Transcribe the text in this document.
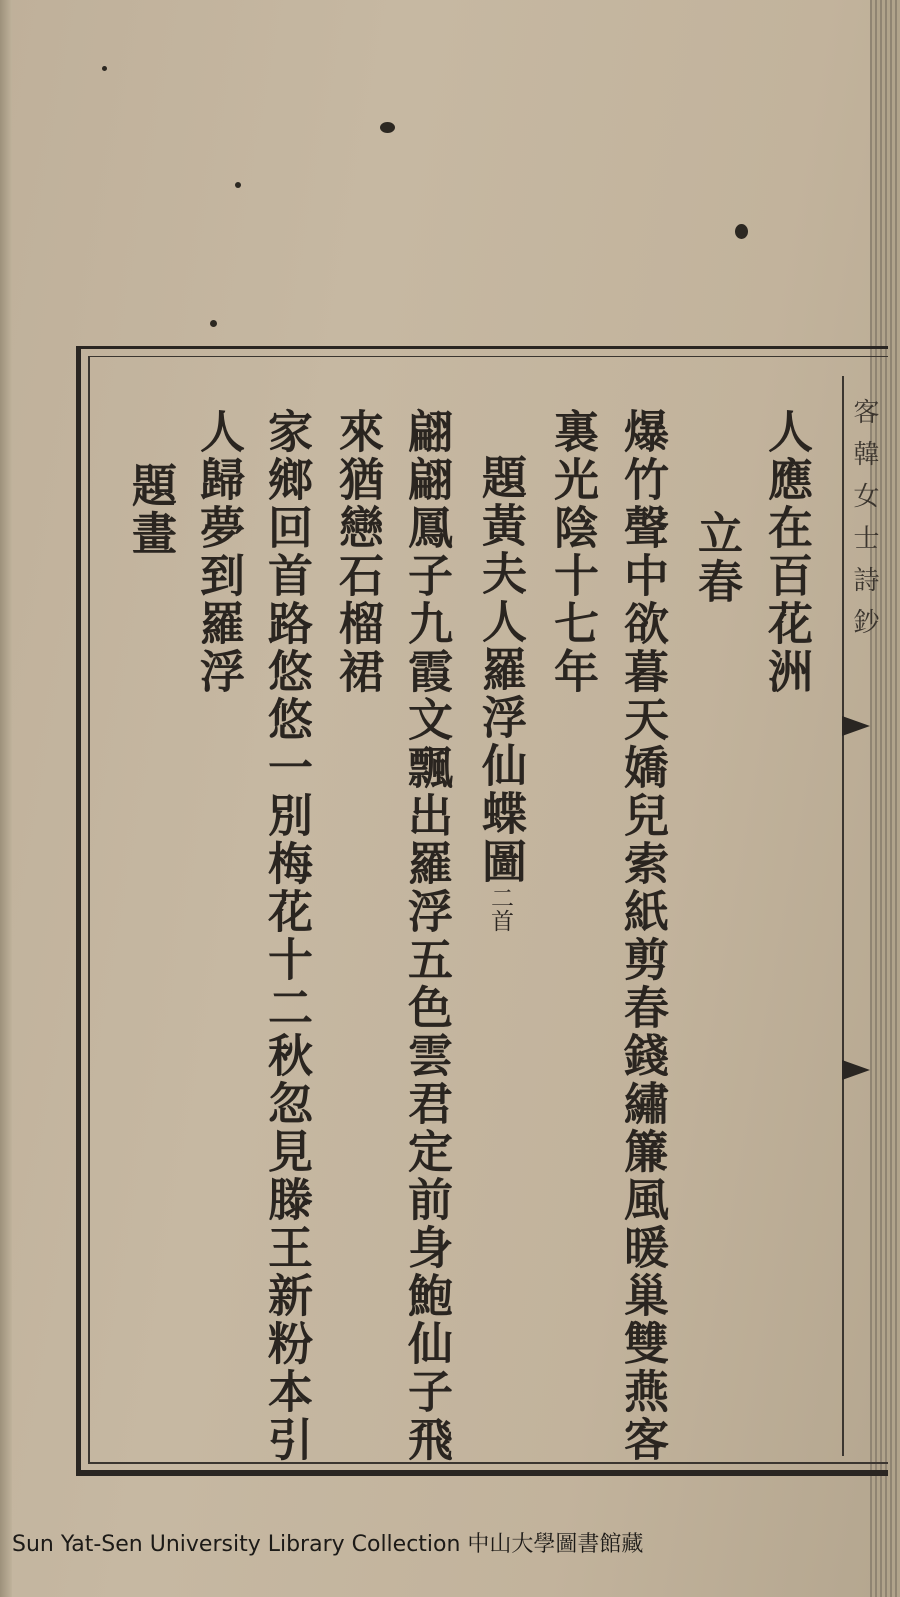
客韓女士詩鈔
人應在百花洲
立春
爆竹聲中欲暮天嬌兒索紙剪春錢繡簾風暖巢雙燕客
裏光陰十七年
題黃夫人羅浮仙蝶圖二首
翩翩鳳子九霞文飄出羅浮五色雲君定前身鮑仙子飛
來猶戀石榴裙
家鄉回首路悠悠一別梅花十二秋忽見滕王新粉本引
人歸夢到羅浮
題畫
Sun Yat-Sen University Library Collection 中山大學圖書館藏
